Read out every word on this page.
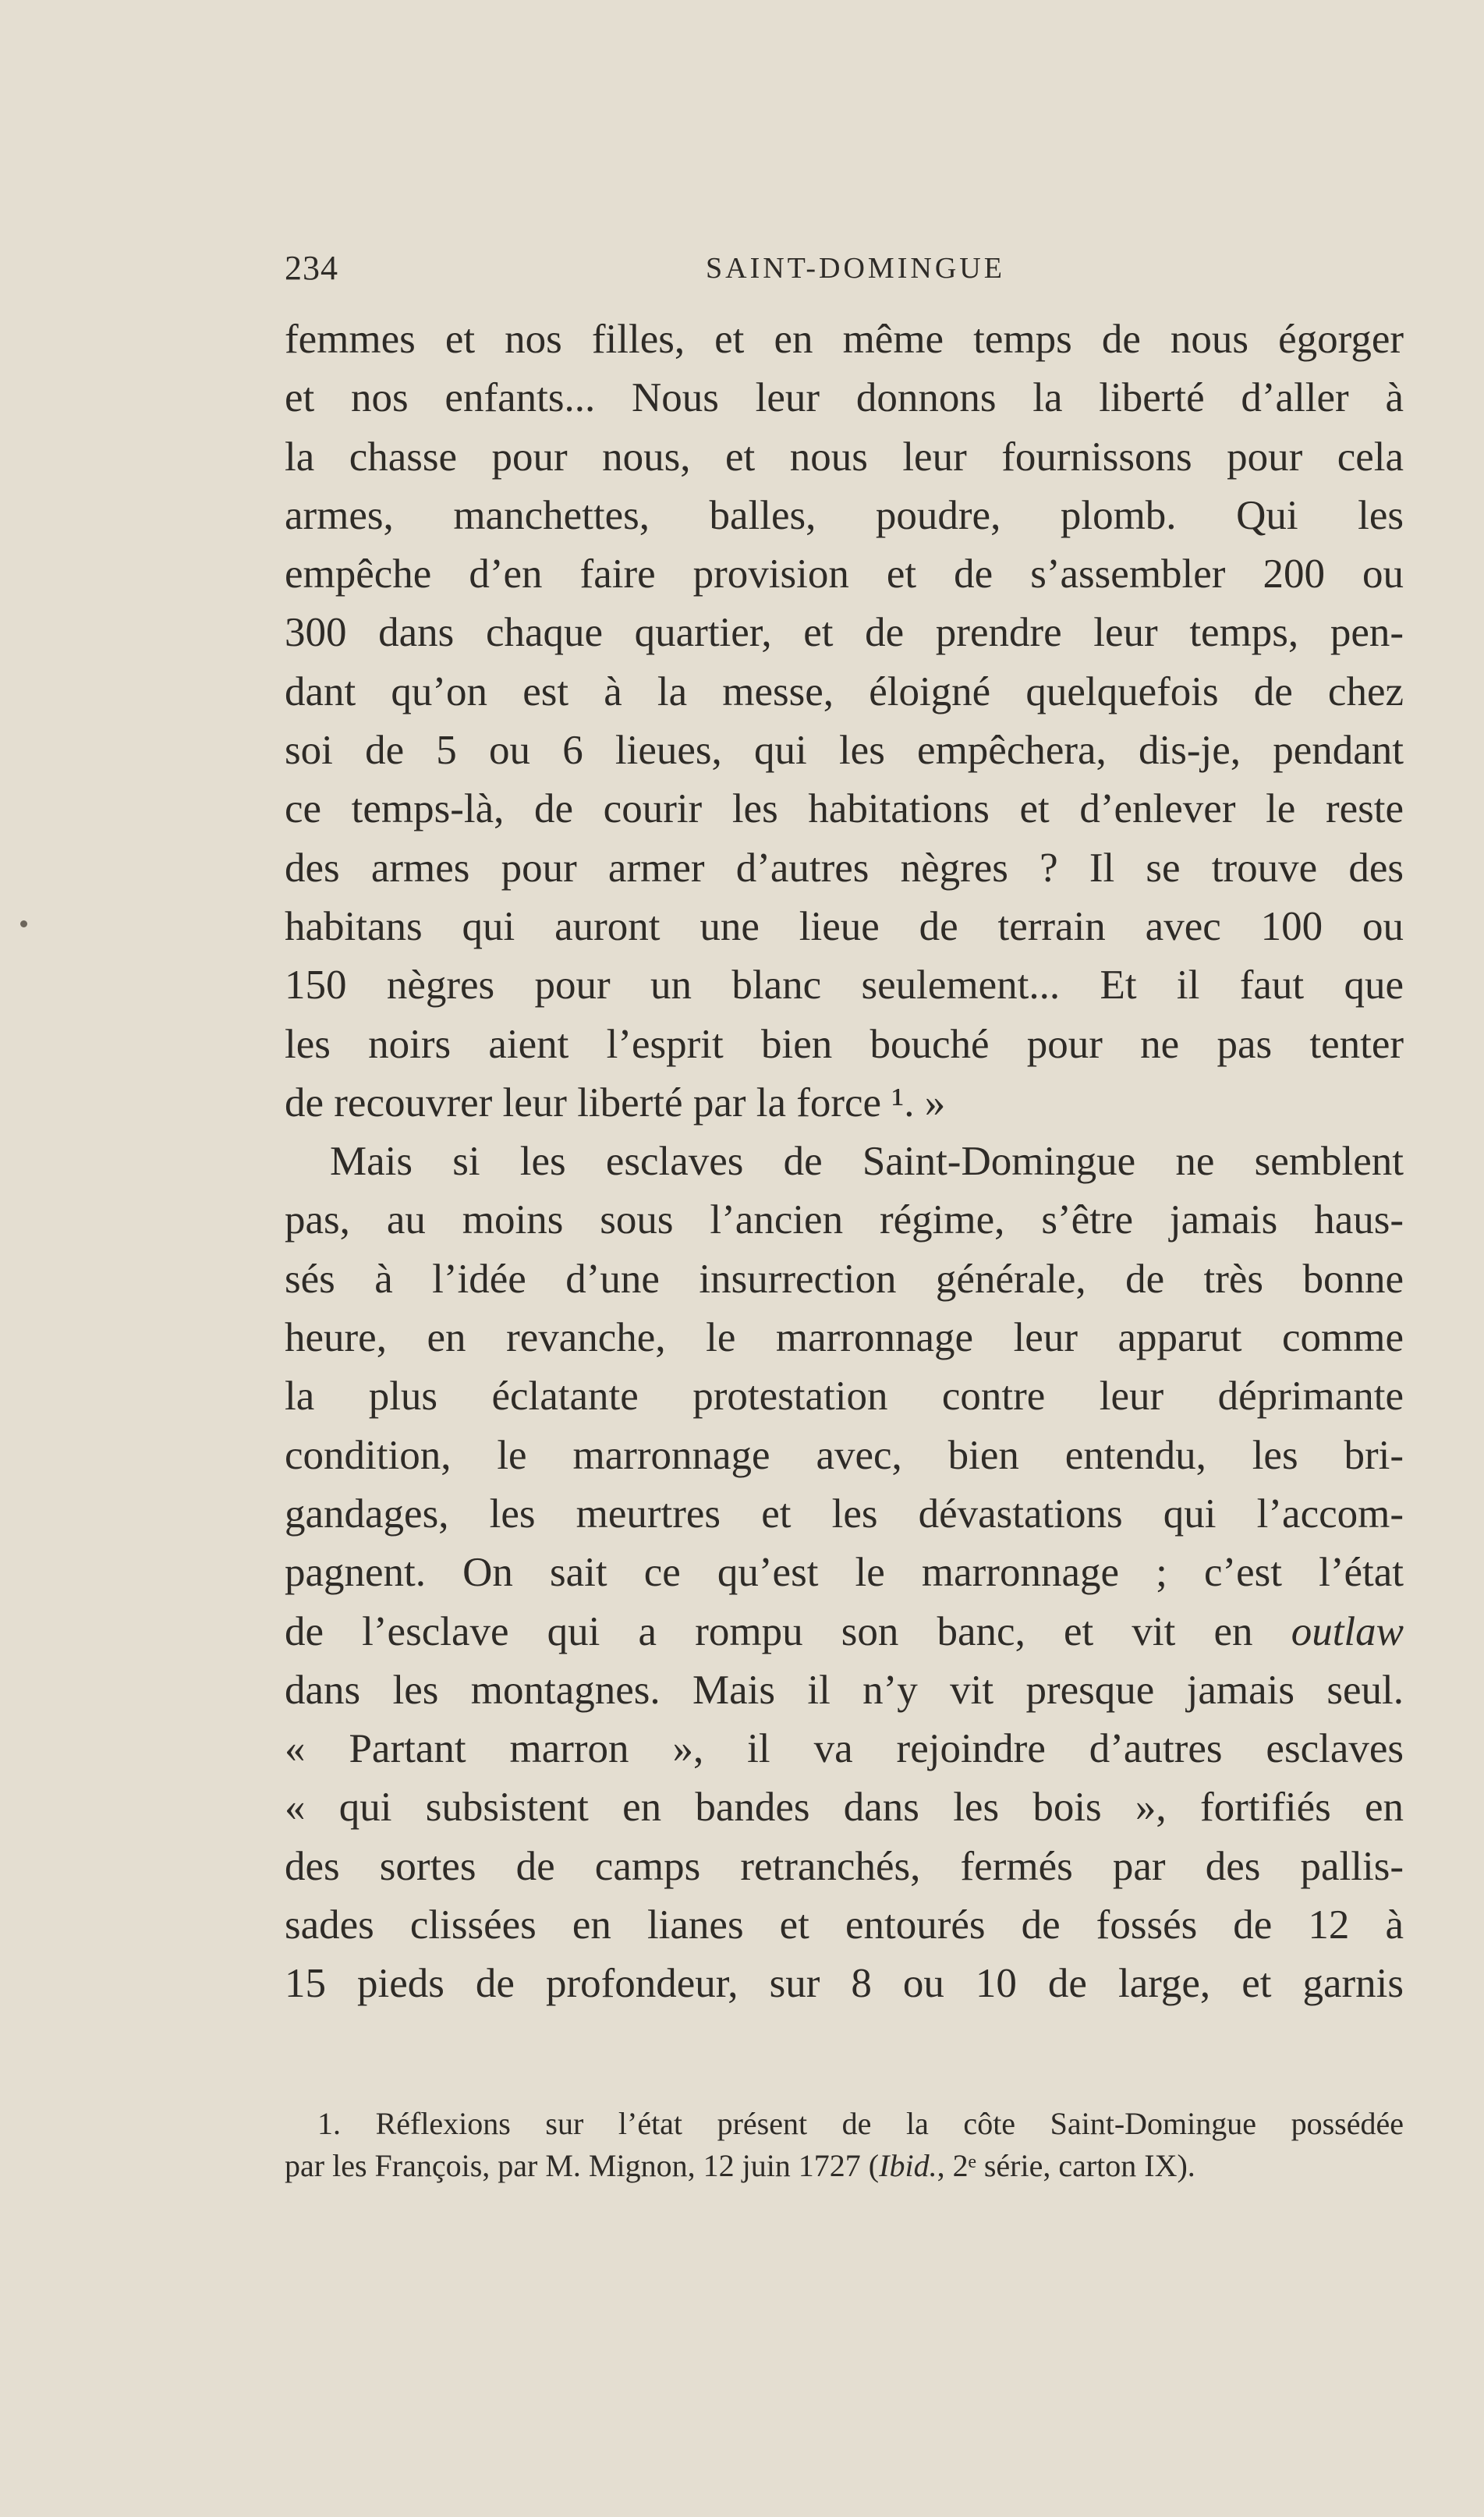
234	SAINT-DOMINGUE
femmes et nos filles, et en même temps de nous égorger
et nos enfants... Nous leur donnons la liberté d’aller à
la chasse pour nous, et nous leur fournissons pour cela
armes, manchettes, balles, poudre, plomb. Qui les
empêche d’en faire provision et de s’assembler 200 ou
300 dans chaque quartier, et de prendre leur temps, pen-
dant qu’on est à la messe, éloigné quelquefois de chez
soi de 5 ou 6 lieues, qui les empêchera, dis-je, pendant
ce temps-là, de courir les habitations et d’enlever le reste
des armes pour armer d’autres nègres ? Il se trouve des
habitans qui auront une lieue de terrain avec 100 ou
150 nègres pour un blanc seulement... Et il faut que
les noirs aient l’esprit bien bouché pour ne pas tenter
de recouvrer leur liberté par la force ¹. »
Mais si les esclaves de Saint-Domingue ne semblent
pas, au moins sous l’ancien régime, s’être jamais haus-
sés à l’idée d’une insurrection générale, de très bonne
heure, en revanche, le marronnage leur apparut comme
la plus éclatante protestation contre leur déprimante
condition, le marronnage avec, bien entendu, les bri-
gandages, les meurtres et les dévastations qui l’accom-
pagnent. On sait ce qu’est le marronnage ; c’est l’état
de l’esclave qui a rompu son banc, et vit en outlaw
dans les montagnes. Mais il n’y vit presque jamais seul.
« Partant marron », il va rejoindre d’autres esclaves
« qui subsistent en bandes dans les bois », fortifiés en
des sortes de camps retranchés, fermés par des pallis-
sades clissées en lianes et entourés de fossés de 12 à
15 pieds de profondeur, sur 8 ou 10 de large, et garnis
1. Réflexions sur l’état présent de la côte Saint-Domingue possédée
par les François, par M. Mignon, 12 juin 1727 (Ibid., 2ᵉ série, carton IX).
